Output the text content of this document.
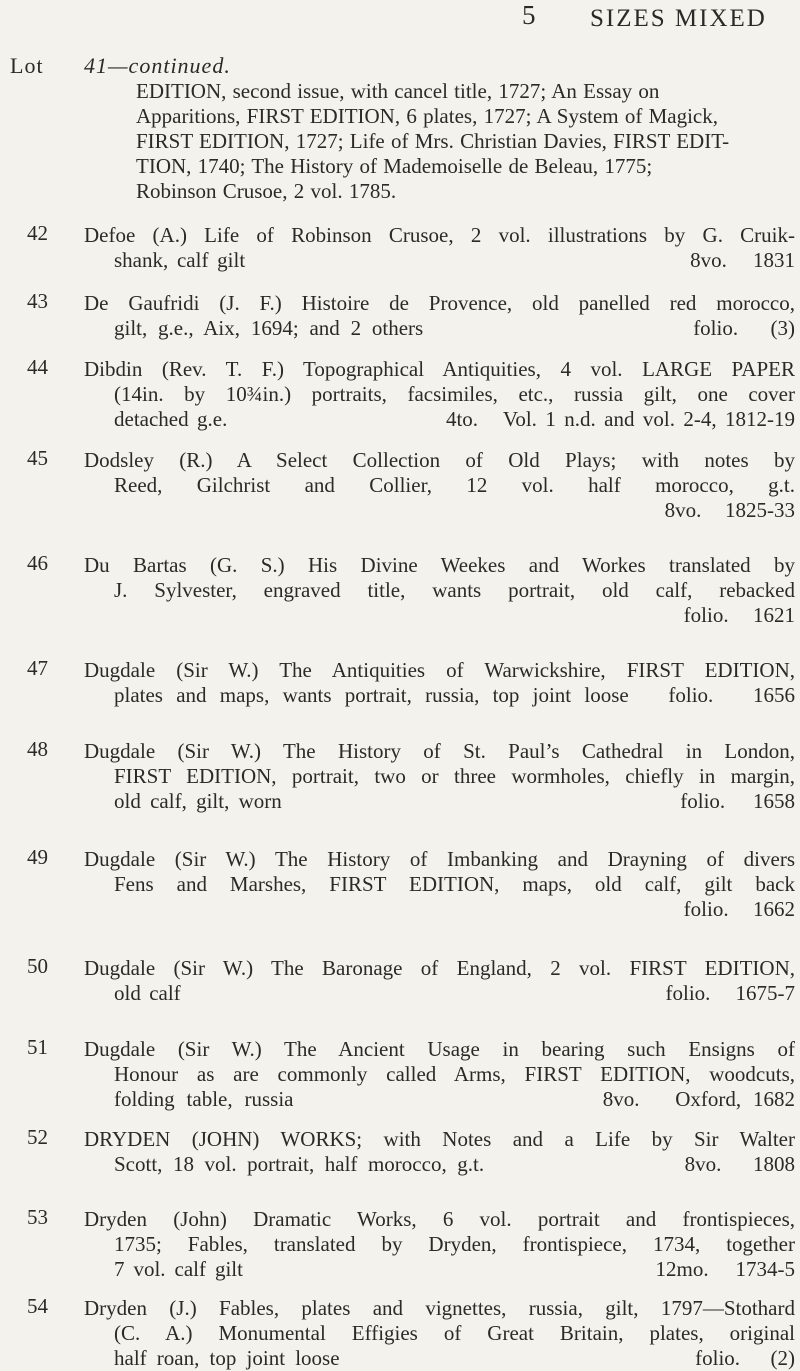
5 SIZES MIXED
Lot 41—continued.
EDITION, second issue, with cancel title, 1727; An Essay on
Apparitions, FIRST EDITION, 6 plates, 1727; A System of Magick,
FIRST EDITION, 1727; Life of Mrs. Christian Davies, FIRST EDIT-
TION, 1740; The History of Mademoiselle de Beleau, 1775;
Robinson Crusoe, 2 vol. 1785.
42 Defoe (A.) Life of Robinson Crusoe, 2 vol. illustrations by G. Cruik-
shank, calf gilt                                                   8vo.   1831
43 De Gaufridi (J. F.) Histoire de Provence, old panelled red morocco,
gilt, g.e., Aix, 1694; and 2 others                         folio.   (3)
44 Dibdin (Rev. T. F.) Topographical Antiquities, 4 vol. LARGE PAPER
(14in. by 10¾in.) portraits, facsimiles, etc., russia gilt, one cover
detached g.e.                          4to.   Vol. 1 n.d. and vol. 2-4, 1812-19
45 Dodsley (R.) A Select Collection of Old Plays; with notes by
Reed, Gilchrist and Collier, 12 vol. half morocco, g.t.
8vo.   1825-33
46 Du Bartas (G. S.) His Divine Weekes and Workes translated by
J. Sylvester, engraved title, wants portrait, old calf, rebacked
folio.   1621
47 Dugdale (Sir W.) The Antiquities of Warwickshire, FIRST EDITION,
plates and maps, wants portrait, russia, top joint loose   folio.   1656
48 Dugdale (Sir W.) The History of St. Paul’s Cathedral in London,
FIRST EDITION, portrait, two or three wormholes, chiefly in margin,
old calf, gilt, worn                                           folio.   1658
49 Dugdale (Sir W.) The History of Imbanking and Drayning of divers
Fens and Marshes, FIRST EDITION, maps, old calf, gilt back
folio.   1662
50 Dugdale (Sir W.) The Baronage of England, 2 vol. FIRST EDITION,
old calf                                                          folio.   1675-7
51 Dugdale (Sir W.) The Ancient Usage in bearing such Ensigns of
Honour as are commonly called Arms, FIRST EDITION, woodcuts,
folding table, russia                          8vo.   Oxford, 1682
52 DRYDEN (JOHN) WORKS; with Notes and a Life by Sir Walter
Scott, 18 vol. portrait, half morocco, g.t.                   8vo.   1808
53 Dryden (John) Dramatic Works, 6 vol. portrait and frontispieces,
1735; Fables, translated by Dryden, frontispiece, 1734, together
7 vol. calf gilt                                              12mo.   1734-5
54 Dryden (J.) Fables, plates and vignettes, russia, gilt, 1797—Stothard
(C. A.) Monumental Effigies of Great Britain, plates, original
half roan, top joint loose                                   folio.   (2)
